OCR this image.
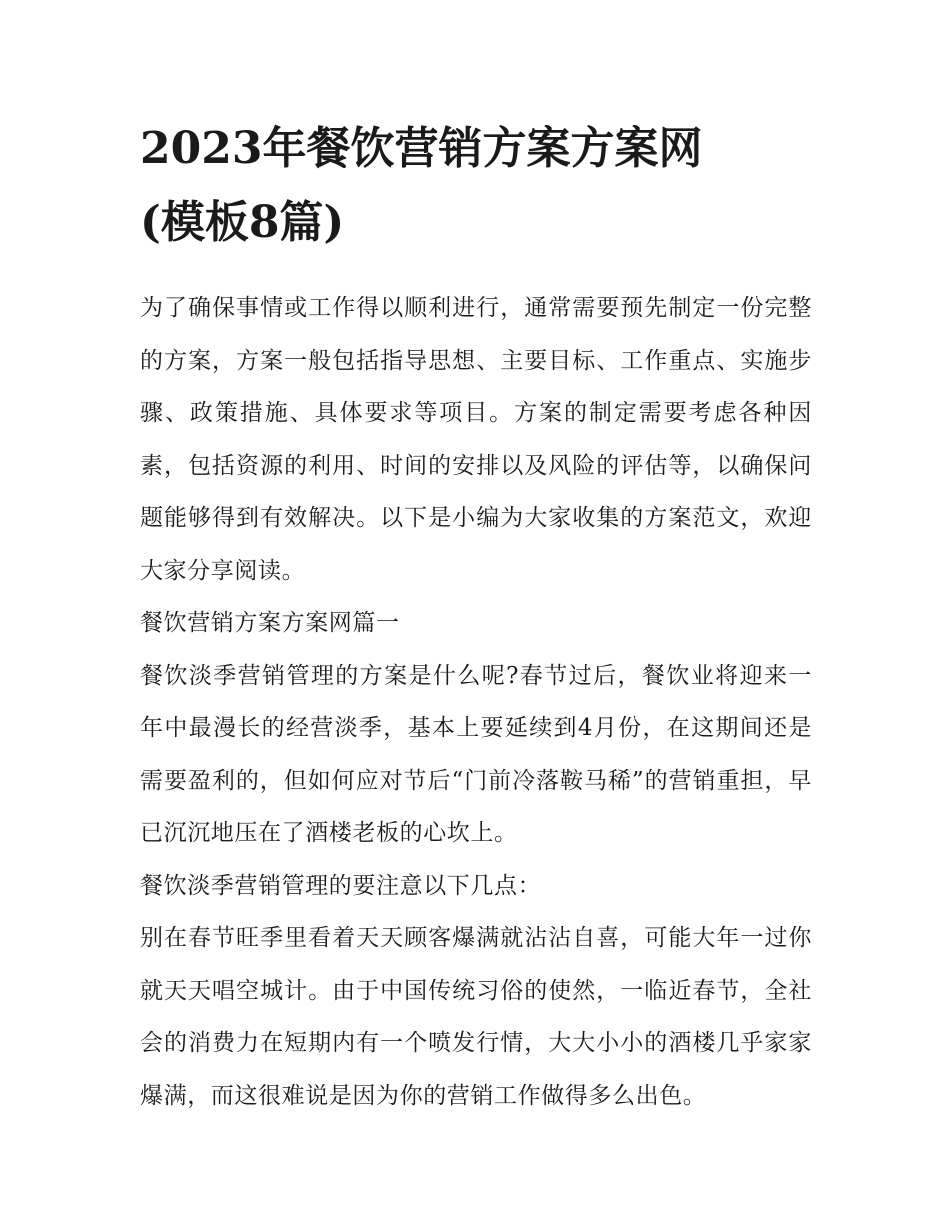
2023年餐饮营销方案方案网
(模板8篇)

为了确保事情或工作得以顺利进行，通常需要预先制定一份完整的方案，方案一般包括指导思想、主要目标、工作重点、实施步骤、政策措施、具体要求等项目。方案的制定需要考虑各种因素，包括资源的利用、时间的安排以及风险的评估等，以确保问题能够得到有效解决。以下是小编为大家收集的方案范文，欢迎大家分享阅读。

餐饮营销方案方案网篇一

餐饮淡季营销管理的方案是什么呢?春节过后，餐饮业将迎来一年中最漫长的经营淡季，基本上要延续到4月份，在这期间还是需要盈利的，但如何应对节后“门前冷落鞍马稀”的营销重担，早已沉沉地压在了酒楼老板的心坎上。

餐饮淡季营销管理的要注意以下几点：

别在春节旺季里看着天天顾客爆满就沾沾自喜，可能大年一过你就天天唱空城计。由于中国传统习俗的使然，一临近春节，全社会的消费力在短期内有一个喷发行情，大大小小的酒楼几乎家家爆满，而这很难说是因为你的营销工作做得多么出色。
